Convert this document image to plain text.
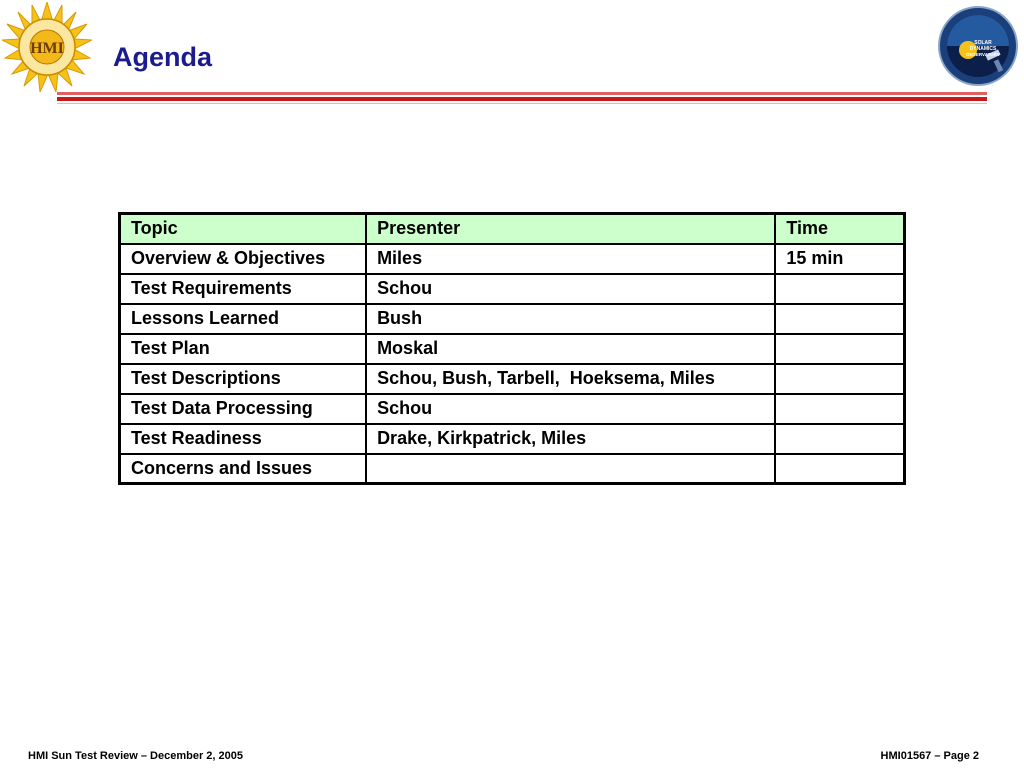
HMI Agenda	SOLAR
DYNAMICS
OBSERVATORY
Topic	Presenter	Time
Overview & Objectives	Miles	15 min
Test Requirements	Schou	
Lessons Learned	Bush	
Test Plan	Moskal	
Test Descriptions	Schou, Bush, Tarbell,  Hoeksema, Miles	
Test Data Processing	Schou	
Test Readiness	Drake, Kirkpatrick, Miles	
Concerns and Issues		
HMI Sun Test Review – December 2, 2005	HMI01567 – Page 2
